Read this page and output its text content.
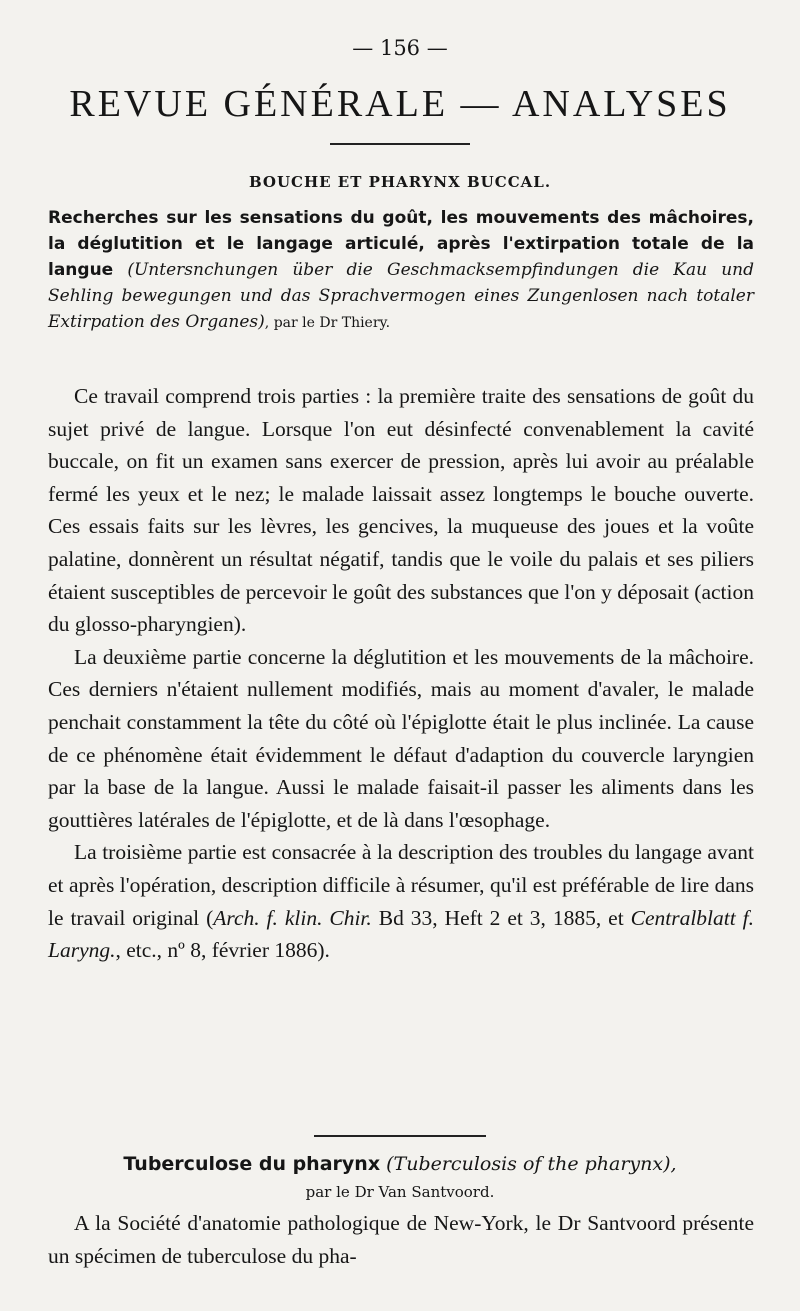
— 156 —
REVUE GÉNÉRALE — ANALYSES
BOUCHE ET PHARYNX BUCCAL.
Recherches sur les sensations du goût, les mouvements des mâchoires, la déglutition et le langage articulé, après l'extirpation totale de la langue (Untersnchungen über die Geschmacksempfindungen die Kau und Sehling bewegungen und das Sprachvermogen eines Zungenlosen nach totaler Extirpation des Organes), par le Dr Thiery.

Ce travail comprend trois parties : la première traite des sensations de goût du sujet privé de langue. Lorsque l'on eut désinfecté convenablement la cavité buccale, on fit un examen sans exercer de pression, après lui avoir au préalable fermé les yeux et le nez; le malade laissait assez longtemps le bouche ouverte. Ces essais faits sur les lèvres, les gencives, la muqueuse des joues et la voûte palatine, donnèrent un résultat négatif, tandis que le voile du palais et ses piliers étaient susceptibles de percevoir le goût des substances que l'on y déposait (action du glosso-pharyngien).

La deuxième partie concerne la déglutition et les mouvements de la mâchoire. Ces derniers n'étaient nullement modifiés, mais au moment d'avaler, le malade penchait constamment la tête du côté où l'épiglotte était le plus inclinée. La cause de ce phénomène était évidemment le défaut d'adaption du couvercle laryngien par la base de la langue. Aussi le malade faisait-il passer les aliments dans les gouttières latérales de l'épiglotte, et de là dans l'œsophage.

La troisième partie est consacrée à la description des troubles du langage avant et après l'opération, description difficile à résumer, qu'il est préférable de lire dans le travail original (Arch. f. klin. Chir. Bd 33, Heft 2 et 3, 1885, et Centralblatt f. Laryng., etc., nº 8, février 1886).

Tuberculose du pharynx (Tuberculosis of the pharynx),
par le Dr Van Santvoord.

A la Société d'anatomie pathologique de New-York, le Dr Santvoord présente un spécimen de tuberculose du pha-
